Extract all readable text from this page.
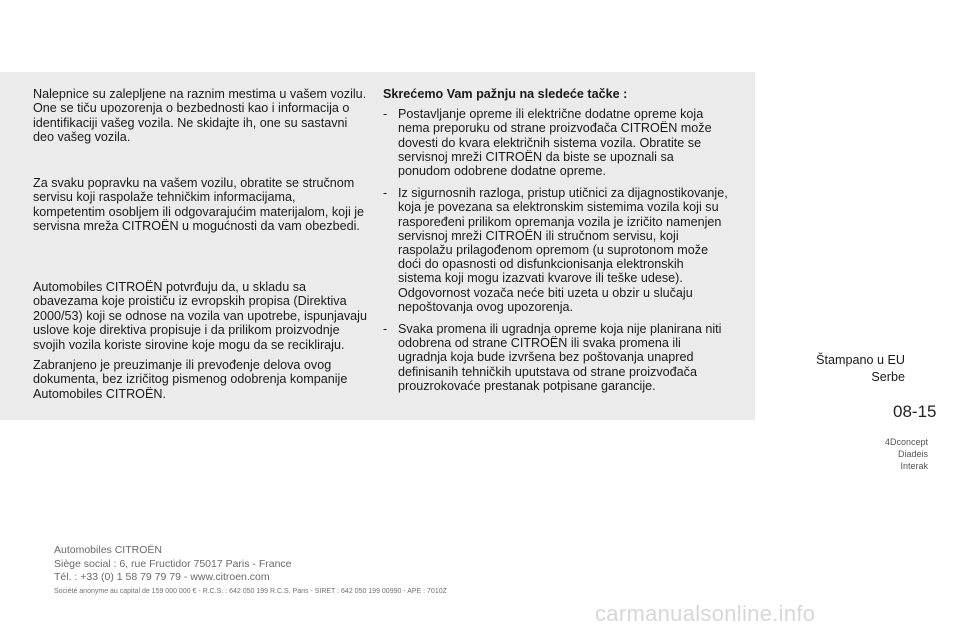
Nalepnice su zalepljene na raznim mestima u vašem vozilu. One se tiču upozorenja o bezbednosti kao i informacija o identifikaciji vašeg vozila. Ne skidajte ih, one su sastavni deo vašeg vozila.

Za svaku popravku na vašem vozilu, obratite se stručnom servisu koji raspolaže tehničkim informacijama, kompetentim osobljem ili odgovarajućim materijalom, koji je servisna mreža CITROËN u mogućnosti da vam obezbedi.

Automobiles CITROËN potvrđuju da, u skladu sa obavezama koje proističu iz evropskih propisa (Direktiva 2000/53) koji se odnose na vozila van upotrebe, ispunjavaju uslove koje direktiva propisuje i da prilikom proizvodnje svojih vozila koriste sirovine koje mogu da se recikliraju.

Zabranjeno je preuzimanje ili prevođenje delova ovog dokumenta, bez izričitog pismenog odobrenja kompanije Automobiles CITROËN.

Skrećemo Vam pažnju na sledeće tačke :

- Postavljanje opreme ili električne dodatne opreme koja nema preporuku od strane proizvođača CITROËN može dovesti do kvara električnih sistema vozila. Obratite se servisnoj mreži CITROËN da biste se upoznali sa ponudom odobrene dodatne opreme.
- Iz sigurnosnih razloga, pristup utičnici za dijagnostikovanje, koja je povezana sa elektronskim sistemima vozila koji su raspoređeni prilikom opremanja vozila je izričito namenjen servisnoj mreži CITROËN ili stručnom servisu, koji raspolažu prilagođenom opremom (u suprotonom može doći do opasnosti od disfunkcionisanja elektronskih sistema koji mogu izazvati kvarove ili teške udese). Odgovornost vozača neće biti uzeta u obzir u slučaju nepoštovanja ovog upozorenja.
- Svaka promena ili ugradnja opreme koja nije planirana niti odobrena od strane CITROËN ili svaka promena ili ugradnja koja bude izvršena bez poštovanja unapred definisanih tehničkih uputstava od strane proizvođača prouzrokovaće prestanak potpisane garancije.
Štampano u EU
Serbe
08-15
4Dconcept
Diadeis
Interak
Automobiles CITROËN
Siège social : 6, rue Fructidor 75017 Paris - France
Tél. : +33 (0) 1 58 79 79 79 - www.citroen.com
Société anonyme au capital de 159 000 000 € - R.C.S. : 642 050 199 R.C.S. Paris - SIRET : 642 050 199 00990 - APE : 7010Z
carmanualsonline.info
